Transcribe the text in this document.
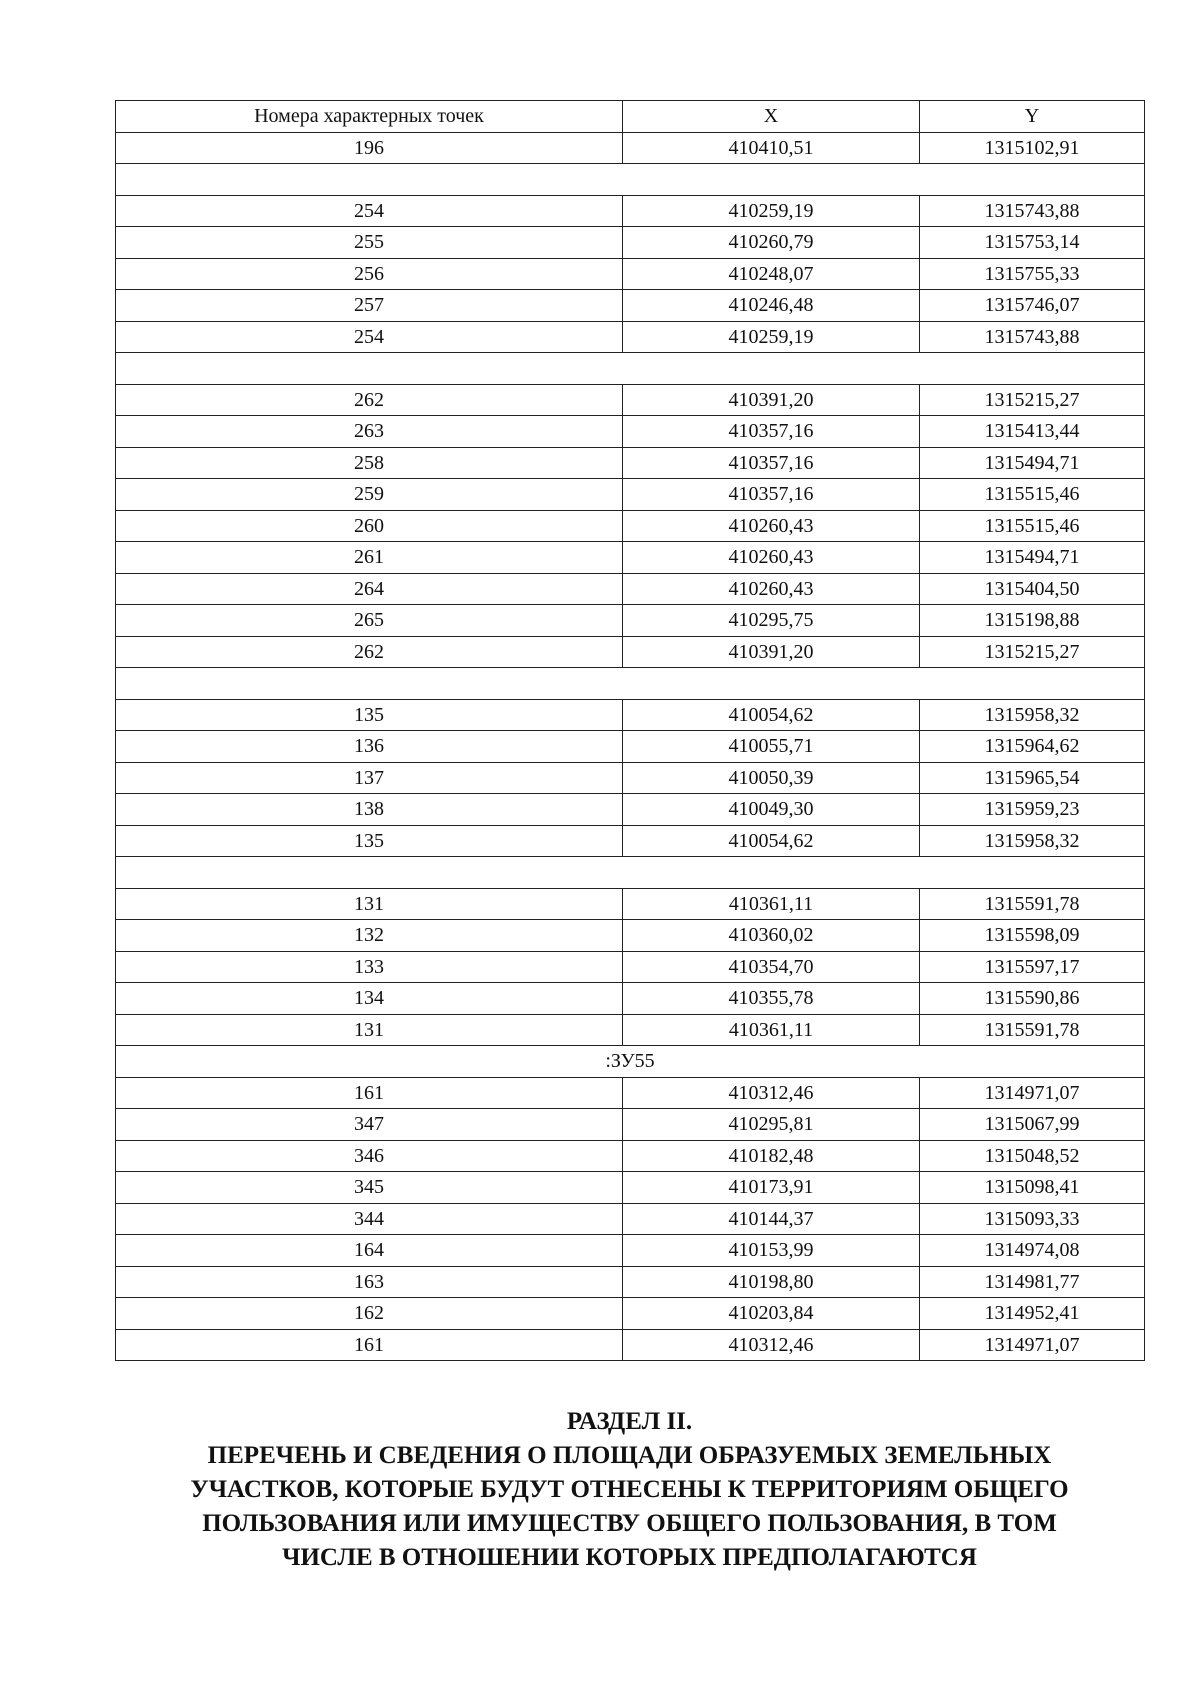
Номера характерных точек	X	Y
196	410410,51	1315102,91

254	410259,19	1315743,88
255	410260,79	1315753,14
256	410248,07	1315755,33
257	410246,48	1315746,07
254	410259,19	1315743,88

262	410391,20	1315215,27
263	410357,16	1315413,44
258	410357,16	1315494,71
259	410357,16	1315515,46
260	410260,43	1315515,46
261	410260,43	1315494,71
264	410260,43	1315404,50
265	410295,75	1315198,88
262	410391,20	1315215,27

135	410054,62	1315958,32
136	410055,71	1315964,62
137	410050,39	1315965,54
138	410049,30	1315959,23
135	410054,62	1315958,32

131	410361,11	1315591,78
132	410360,02	1315598,09
133	410354,70	1315597,17
134	410355,78	1315590,86
131	410361,11	1315591,78
:ЗУ55		
161	410312,46	1314971,07
347	410295,81	1315067,99
346	410182,48	1315048,52
345	410173,91	1315098,41
344	410144,37	1315093,33
164	410153,99	1314974,08
163	410198,80	1314981,77
162	410203,84	1314952,41
161	410312,46	1314971,07
РАЗДЕЛ II.
ПЕРЕЧЕНЬ И СВЕДЕНИЯ О ПЛОЩАДИ ОБРАЗУЕМЫХ ЗЕМЕЛЬНЫХ
УЧАСТКОВ, КОТОРЫЕ БУДУТ ОТНЕСЕНЫ К ТЕРРИТОРИЯМ ОБЩЕГО
ПОЛЬЗОВАНИЯ ИЛИ ИМУЩЕСТВУ ОБЩЕГО ПОЛЬЗОВАНИЯ, В ТОМ
ЧИСЛЕ В ОТНОШЕНИИ КОТОРЫХ ПРЕДПОЛАГАЮТСЯ
